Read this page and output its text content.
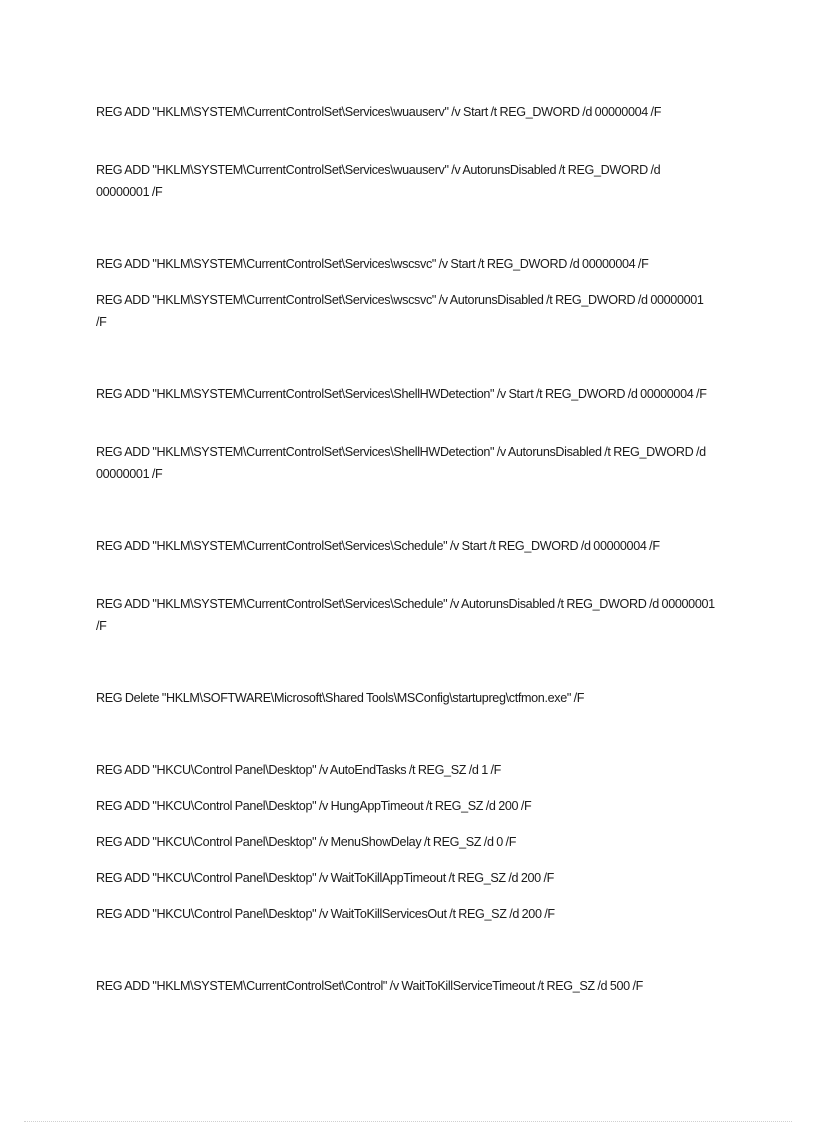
REG ADD "HKLM\SYSTEM\CurrentControlSet\Services\wuauserv" /v Start /t REG_DWORD /d 00000004 /F
REG ADD "HKLM\SYSTEM\CurrentControlSet\Services\wuauserv" /v AutorunsDisabled /t REG_DWORD /d 00000001 /F
REG ADD "HKLM\SYSTEM\CurrentControlSet\Services\wscsvc" /v Start /t REG_DWORD /d 00000004 /F
REG ADD "HKLM\SYSTEM\CurrentControlSet\Services\wscsvc" /v AutorunsDisabled /t REG_DWORD /d 00000001 /F
REG ADD "HKLM\SYSTEM\CurrentControlSet\Services\ShellHWDetection" /v Start /t REG_DWORD /d 00000004 /F
REG ADD "HKLM\SYSTEM\CurrentControlSet\Services\ShellHWDetection" /v AutorunsDisabled /t REG_DWORD /d 00000001 /F
REG ADD "HKLM\SYSTEM\CurrentControlSet\Services\Schedule" /v Start /t REG_DWORD /d 00000004 /F
REG ADD "HKLM\SYSTEM\CurrentControlSet\Services\Schedule" /v AutorunsDisabled /t REG_DWORD /d 00000001 /F
REG Delete "HKLM\SOFTWARE\Microsoft\Shared Tools\MSConfig\startupreg\ctfmon.exe" /F
REG ADD "HKCU\Control Panel\Desktop" /v AutoEndTasks /t REG_SZ /d 1 /F
REG ADD "HKCU\Control Panel\Desktop" /v HungAppTimeout /t REG_SZ /d 200 /F
REG ADD "HKCU\Control Panel\Desktop" /v MenuShowDelay /t REG_SZ /d 0 /F
REG ADD "HKCU\Control Panel\Desktop" /v WaitToKillAppTimeout /t REG_SZ /d 200 /F
REG ADD "HKCU\Control Panel\Desktop" /v WaitToKillServicesOut /t REG_SZ /d 200 /F
REG ADD "HKLM\SYSTEM\CurrentControlSet\Control" /v WaitToKillServiceTimeout /t REG_SZ /d 500 /F
